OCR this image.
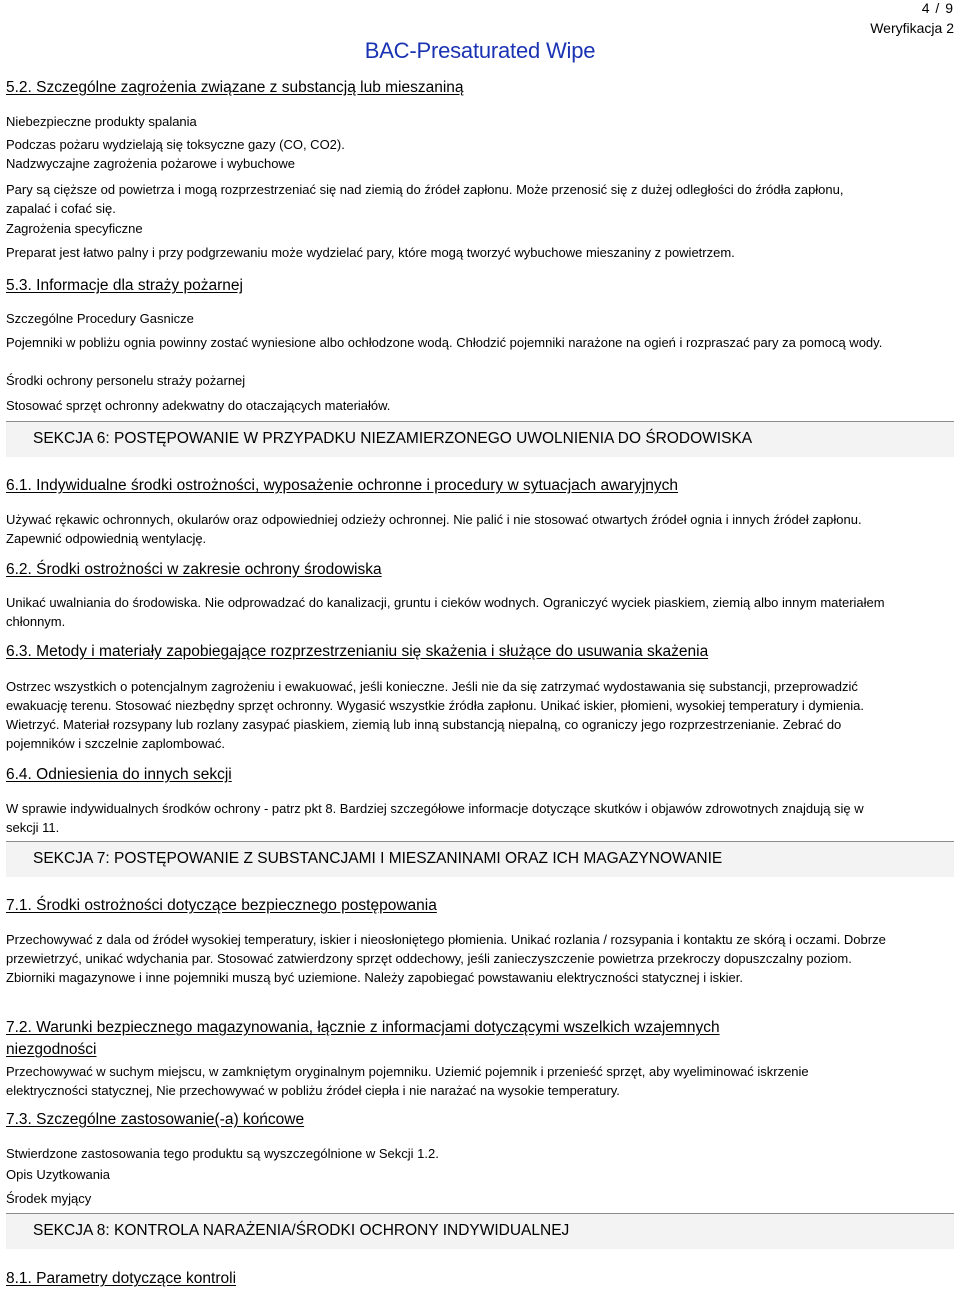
4 / 9
Weryfikacja 2
BAC-Presaturated Wipe
5.2. Szczególne zagrożenia związane z substancją lub mieszaniną
Niebezpieczne produkty spalania
Podczas pożaru wydzielają się toksyczne gazy (CO, CO2).
Nadzwyczajne zagrożenia pożarowe i wybuchowe
Pary są cięższe od powietrza i mogą rozprzestrzeniać się nad ziemią do źródeł zapłonu. Może przenosić się z dużej odległości do źródła zapłonu, zapalać i cofać się.
Zagrożenia specyficzne
Preparat jest łatwo palny i przy podgrzewaniu może wydzielać pary, które mogą tworzyć wybuchowe mieszaniny z powietrzem.
5.3. Informacje dla straży pożarnej
Szczególne Procedury Gasnicze
Pojemniki w pobliżu ognia powinny zostać wyniesione albo ochłodzone wodą. Chłodzić pojemniki narażone na ogień i rozpraszać pary za pomocą wody.
Środki ochrony personelu straży pożarnej
Stosować sprzęt ochronny adekwatny do otaczających materiałów.
SEKCJA 6: POSTĘPOWANIE W PRZYPADKU NIEZAMIERZONEGO UWOLNIENIA DO ŚRODOWISKA
6.1. Indywidualne środki ostrożności, wyposażenie ochronne i procedury w sytuacjach awaryjnych
Używać rękawic ochronnych, okularów oraz odpowiedniej odzieży ochronnej. Nie palić i nie stosować otwartych źródeł ognia i innych źródeł zapłonu. Zapewnić odpowiednią wentylację.
6.2. Środki ostrożności w zakresie ochrony środowiska
Unikać uwalniania do środowiska. Nie odprowadzać do kanalizacji, gruntu i cieków wodnych. Ograniczyć wyciek piaskiem, ziemią albo innym materiałem chłonnym.
6.3. Metody i materiały zapobiegające rozprzestrzenianiu się skażenia i służące do usuwania skażenia
Ostrzec wszystkich o potencjalnym zagrożeniu i ewakuować, jeśli konieczne. Jeśli nie da się zatrzymać wydostawania się substancji, przeprowadzić ewakuację terenu. Stosować niezbędny sprzęt ochronny. Wygasić wszystkie źródła zapłonu. Unikać iskier, płomieni, wysokiej temperatury i dymienia. Wietrzyć. Materiał rozsypany lub rozlany zasypać piaskiem, ziemią lub inną substancją niepalną, co ograniczy jego rozprzestrzenianie. Zebrać do pojemników i szczelnie zaplombować.
6.4. Odniesienia do innych sekcji
W sprawie indywidualnych środków ochrony - patrz pkt 8. Bardziej szczegółowe informacje dotyczące skutków i objawów zdrowotnych znajdują się w sekcji 11.
SEKCJA 7: POSTĘPOWANIE Z SUBSTANCJAMI I MIESZANINAMI ORAZ ICH MAGAZYNOWANIE
7.1. Środki ostrożności dotyczące bezpiecznego postępowania
Przechowywać z dala od źródeł wysokiej temperatury, iskier i nieosłoniętego płomienia. Unikać rozlania / rozsypania i kontaktu ze skórą i oczami. Dobrze przewietrzyć, unikać wdychania par. Stosować zatwierdzony sprzęt oddechowy, jeśli zanieczyszczenie powietrza przekroczy dopuszczalny poziom. Zbiorniki magazynowe i inne pojemniki muszą być uziemione. Należy zapobiegać powstawaniu elektryczności statycznej i iskier.
7.2. Warunki bezpiecznego magazynowania, łącznie z informacjami dotyczącymi wszelkich wzajemnych
niezgodności
Przechowywać w suchym miejscu, w zamkniętym oryginalnym pojemniku. Uziemić pojemnik i przenieść sprzęt, aby wyeliminować iskrzenie elektryczności statycznej, Nie przechowywać w pobliżu źródeł ciepła i nie narażać na wysokie temperatury.
7.3. Szczególne zastosowanie(-a) końcowe
Stwierdzone zastosowania tego produktu są wyszczególnione w Sekcji 1.2.
Opis Uzytkowania
Środek myjący
SEKCJA 8: KONTROLA NARAŻENIA/ŚRODKI OCHRONY INDYWIDUALNEJ
8.1. Parametry dotyczące kontroli
